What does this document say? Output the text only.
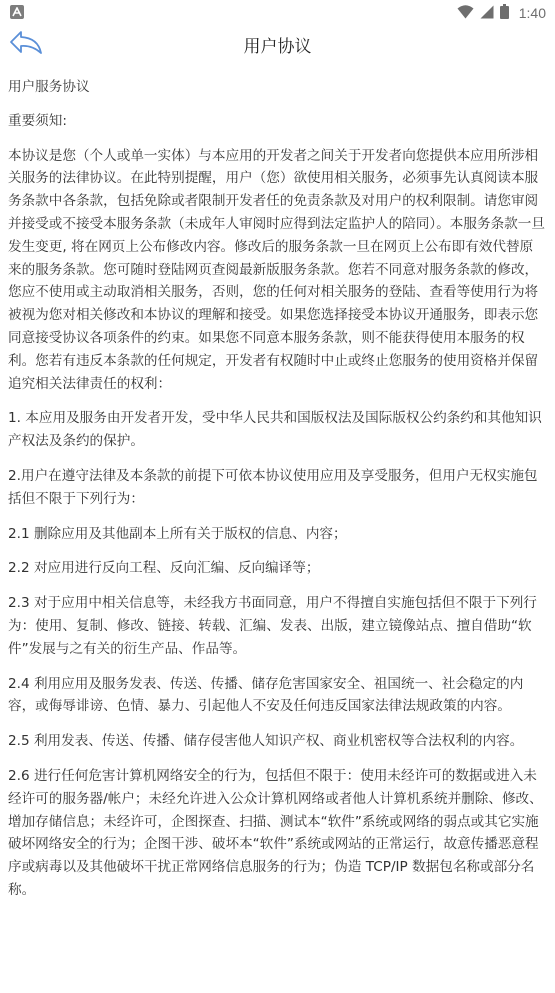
1:40
用户协议

用户服务协议

重要须知:

本协议是您（个人或单一实体）与本应用的开发者之间关于开发者向您提供本应用所涉相关服务的法律协议。在此特别提醒，用户（您）欲使用相关服务，必须事先认真阅读本服务条款中各条款，包括免除或者限制开发者任的免责条款及对用户的权利限制。请您审阅并接受或不接受本服务条款（未成年人审阅时应得到法定监护人的陪同）。本服务条款一旦发生变更, 将在网页上公布修改内容。修改后的服务条款一旦在网页上公布即有效代替原来的服务条款。您可随时登陆网页查阅最新版服务条款。您若不同意对服务条款的修改，您应不使用或主动取消相关服务，否则，您的任何对相关服务的登陆、查看等使用行为将被视为您对相关修改和本协议的理解和接受。如果您选择接受本协议开通服务，即表示您同意接受协议各项条件的约束。如果您不同意本服务条款，则不能获得使用本服务的权利。您若有违反本条款的任何规定，开发者有权随时中止或终止您服务的使用资格并保留追究相关法律责任的权利：

1. 本应用及服务由开发者开发，受中华人民共和国版权法及国际版权公约条约和其他知识产权法及条约的保护。

2.用户在遵守法律及本条款的前提下可依本协议使用应用及享受服务，但用户无权实施包括但不限于下列行为：

2.1 删除应用及其他副本上所有关于版权的信息、内容；

2.2 对应用进行反向工程、反向汇编、反向编译等；

2.3 对于应用中相关信息等，未经我方书面同意，用户不得擅自实施包括但不限于下列行为：使用、复制、修改、链接、转载、汇编、发表、出版，建立镜像站点、擅自借助“软件”发展与之有关的衍生产品、作品等。

2.4 利用应用及服务发表、传送、传播、储存危害国家安全、祖国统一、社会稳定的内容，或侮辱诽谤、色情、暴力、引起他人不安及任何违反国家法律法规政策的内容。

2.5 利用发表、传送、传播、储存侵害他人知识产权、商业机密权等合法权利的内容。

2.6 进行任何危害计算机网络安全的行为，包括但不限于：使用未经许可的数据或进入未经许可的服务器/帐户；未经允许进入公众计算机网络或者他人计算机系统并删除、修改、增加存储信息；未经许可，企图探查、扫描、测试本“软件”系统或网络的弱点或其它实施破坏网络安全的行为；企图干涉、破坏本“软件”系统或网站的正常运行，故意传播恶意程序或病毒以及其他破坏干扰正常网络信息服务的行为；伪造 TCP/IP 数据包名称或部分名称。
